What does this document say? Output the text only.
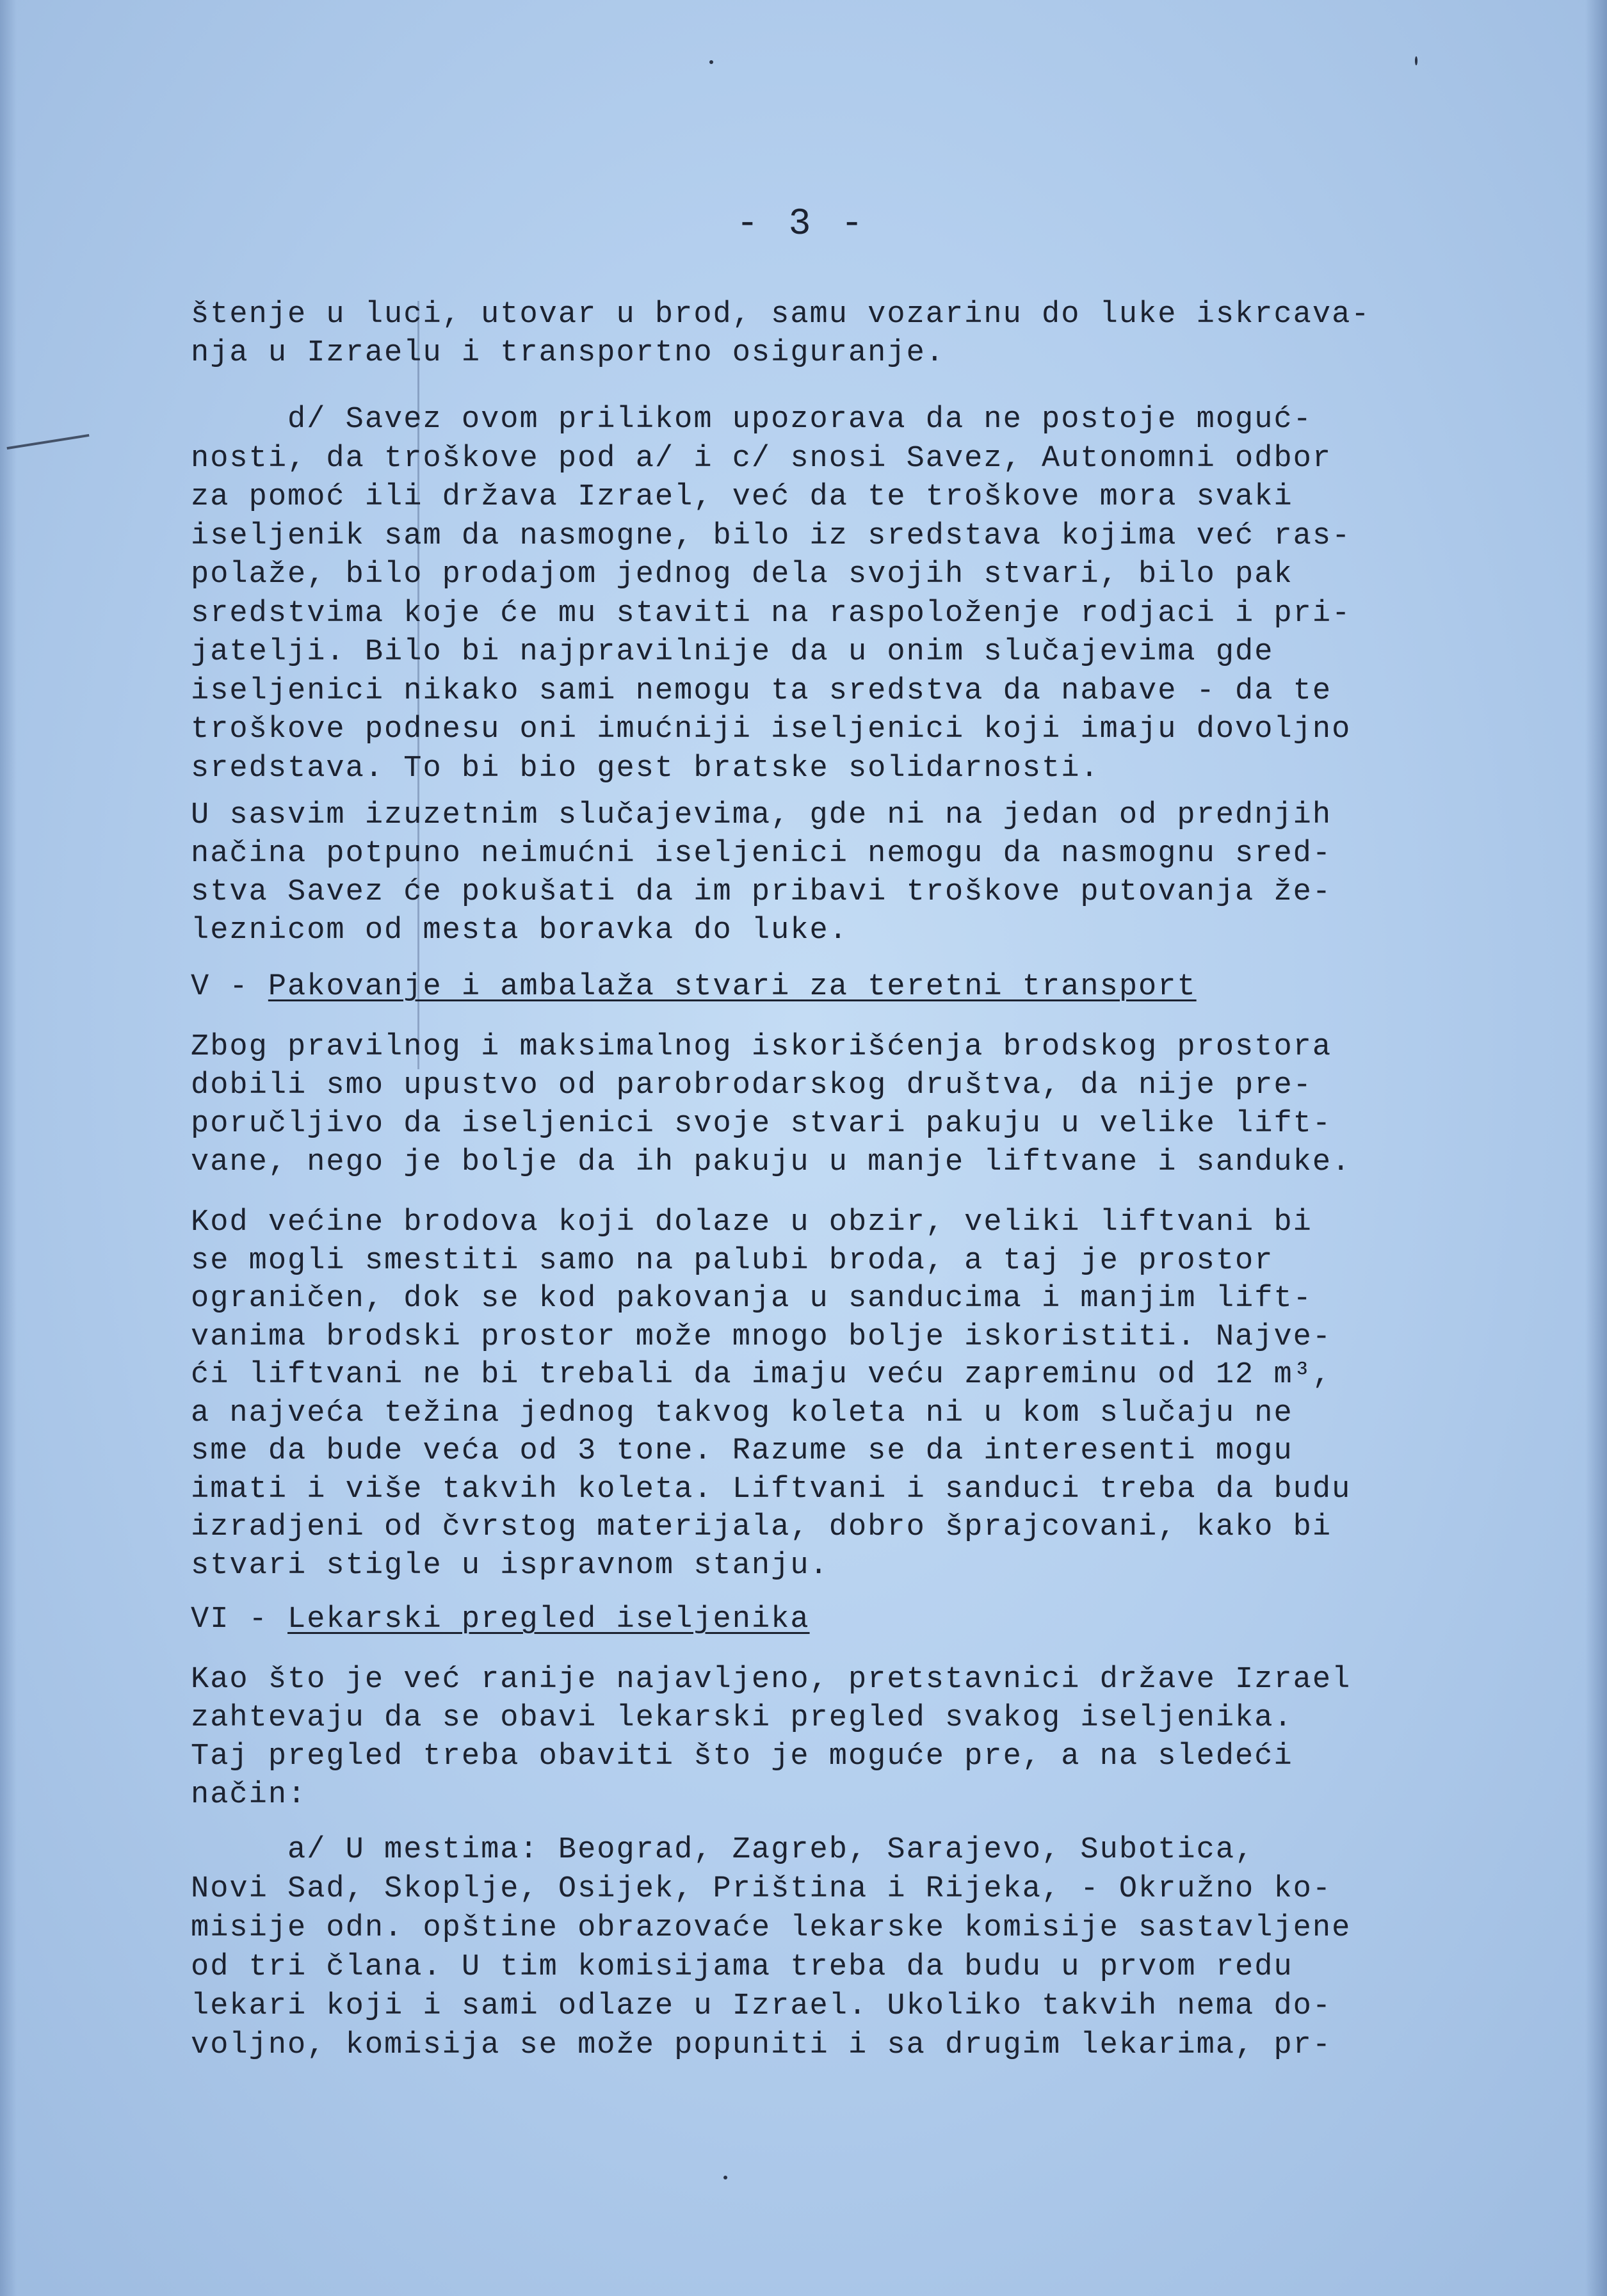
- 3 -
štenje u luci, utovar u brod, samu vozarinu do luke iskrcava-
nja u Izraelu i transportno osiguranje.
d/ Savez ovom prilikom upozorava da ne postoje moguć-
nosti, da troškove pod a/ i c/ snosi Savez, Autonomni odbor
za pomoć ili država Izrael, već da te troškove mora svaki
iseljenik sam da nasmogne, bilo iz sredstava kojima već ras-
polaže, bilo prodajom jednog dela svojih stvari, bilo pak
sredstvima koje će mu staviti na raspoloženje rodjaci i pri-
jatelji. Bilo bi najpravilnije da u onim slučajevima gde
iseljenici nikako sami nemogu ta sredstva da nabave - da te
troškove podnesu oni imućniji iseljenici koji imaju dovoljno
sredstava. To bi bio gest bratske solidarnosti.
U sasvim izuzetnim slučajevima, gde ni na jedan od prednjih
načina potpuno neimućni iseljenici nemogu da nasmognu sred-
stva Savez će pokušati da im pribavi troškove putovanja že-
leznicom od mesta boravka do luke.
V - Pakovanje i ambalaža stvari za teretni transport
Zbog pravilnog i maksimalnog iskorišćenja brodskog prostora
dobili smo upustvo od parobrodarskog društva, da nije pre-
poručljivo da iseljenici svoje stvari pakuju u velike lift-
vane, nego je bolje da ih pakuju u manje liftvane i sanduke.
Kod većine brodova koji dolaze u obzir, veliki liftvani bi
se mogli smestiti samo na palubi broda, a taj je prostor
ograničen, dok se kod pakovanja u sanducima i manjim lift-
vanima brodski prostor može mnogo bolje iskoristiti. Najve-
ći liftvani ne bi trebali da imaju veću zapreminu od 12 m³,
a najveća težina jednog takvog koleta ni u kom slučaju ne
sme da bude veća od 3 tone. Razume se da interesenti mogu
imati i više takvih koleta. Liftvani i sanduci treba da budu
izradjeni od čvrstog materijala, dobro šprajcovani, kako bi
stvari stigle u ispravnom stanju.
VI - Lekarski pregled iseljenika
Kao što je već ranije najavljeno, pretstavnici države Izrael
zahtevaju da se obavi lekarski pregled svakog iseljenika.
Taj pregled treba obaviti što je moguće pre, a na sledeći
način:
a/ U mestima: Beograd, Zagreb, Sarajevo, Subotica,
Novi Sad, Skoplje, Osijek, Priština i Rijeka, - Okružno ko-
misije odn. opštine obrazovaće lekarske komisije sastavljene
od tri člana. U tim komisijama treba da budu u prvom redu
lekari koji i sami odlaze u Izrael. Ukoliko takvih nema do-
voljno, komisija se može popuniti i sa drugim lekarima, pr-
